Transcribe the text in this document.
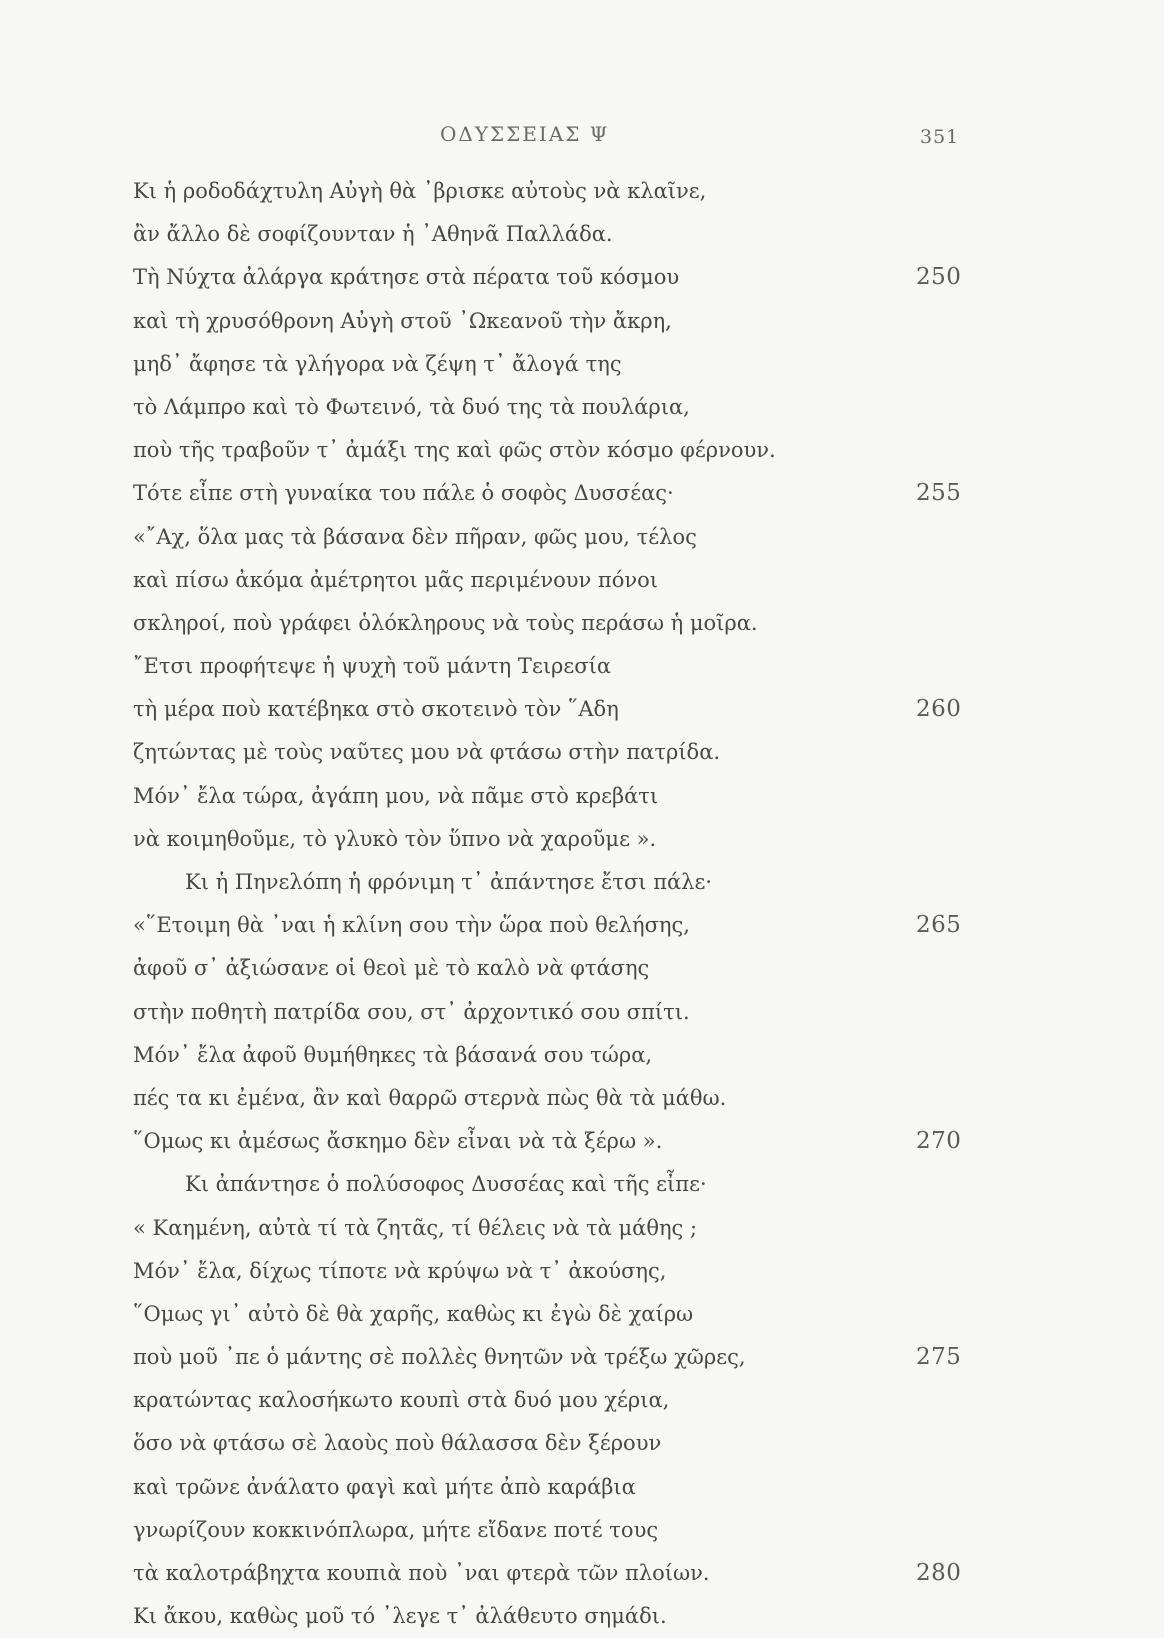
ΟΔΥΣΣΕΙΑΣ Ψ	351
Κι ἡ ροδοδάχτυλη Αὐγὴ θὰ ᾽βρισκε αὐτοὺς νὰ κλαῖνε,
ἂν ἄλλο δὲ σοφίζουνταν ἡ ᾽Αθηνᾶ Παλλάδα.
Τὴ Νύχτα ἀλάργα κράτησε στὰ πέρατα τοῦ κόσμου	250
καὶ τὴ χρυσόθρονη Αὐγὴ στοῦ ᾽Ωκεανοῦ τὴν ἄκρη,
μηδ᾽ ἄφησε τὰ γλήγορα νὰ ζέψη τ᾽ ἄλογά της
τὸ Λάμπρο καὶ τὸ Φωτεινό, τὰ δυό της τὰ πουλάρια,
ποὺ τῆς τραβοῦν τ᾽ ἀμάξι της καὶ φῶς στὸν κόσμο φέρνουν.
Τότε εἶπε στὴ γυναίκα του πάλε ὁ σοφὸς Δυσσέας·	255
«῎Αχ, ὅλα μας τὰ βάσανα δὲν πῆραν, φῶς μου, τέλος
καὶ πίσω ἀκόμα ἀμέτρητοι μᾶς περιμένουν πόνοι
σκληροί, ποὺ γράφει ὁλόκληρους νὰ τοὺς περάσω ἡ μοῖρα.
῎Ετσι προφήτεψε ἡ ψυχὴ τοῦ μάντη Τειρεσία
τὴ μέρα ποὺ κατέβηκα στὸ σκοτεινὸ τὸν ῞Αδη	260
ζητώντας μὲ τοὺς ναῦτες μου νὰ φτάσω στὴν πατρίδα.
Μόν᾽ ἔλα τώρα, ἀγάπη μου, νὰ πᾶμε στὸ κρεβάτι
νὰ κοιμηθοῦμε, τὸ γλυκὸ τὸν ὕπνο νὰ χαροῦμε ».
Κι ἡ Πηνελόπη ἡ φρόνιμη τ᾽ ἀπάντησε ἔτσι πάλε·
«῞Ετοιμη θὰ ᾽ναι ἡ κλίνη σου τὴν ὥρα ποὺ θελήσης,	265
ἀφοῦ σ᾽ ἀξιώσανε οἱ θεοὶ μὲ τὸ καλὸ νὰ φτάσης
στὴν ποθητὴ πατρίδα σου, στ᾽ ἀρχοντικό σου σπίτι.
Μόν᾽ ἔλα ἀφοῦ θυμήθηκες τὰ βάσανά σου τώρα,
πές τα κι ἐμένα, ἂν καὶ θαρρῶ στερνὰ πὼς θὰ τὰ μάθω.
῞Ομως κι ἀμέσως ἄσκημο δὲν εἶναι νὰ τὰ ξέρω ».	270
Κι ἀπάντησε ὁ πολύσοφος Δυσσέας καὶ τῆς εἶπε·
« Καημένη, αὐτὰ τί τὰ ζητᾶς, τί θέλεις νὰ τὰ μάθης ;
Μόν᾽ ἔλα, δίχως τίποτε νὰ κρύψω νὰ τ᾽ ἀκούσης,
῞Ομως γι᾽ αὐτὸ δὲ θὰ χαρῆς, καθὼς κι ἐγὼ δὲ χαίρω
ποὺ μοῦ ᾽πε ὁ μάντης σὲ πολλὲς θνητῶν νὰ τρέξω χῶρες,	275
κρατώντας καλοσήκωτο κουπὶ στὰ δυό μου χέρια,
ὅσο νὰ φτάσω σὲ λαοὺς ποὺ θάλασσα δὲν ξέρουν
καὶ τρῶνε ἀνάλατο φαγὶ καὶ μήτε ἀπὸ καράβια
γνωρίζουν κοκκινόπλωρα, μήτε εἴδανε ποτέ τους
τὰ καλοτράβηχτα κουπιὰ ποὺ ᾽ναι φτερὰ τῶν πλοίων.	280
Κι ἄκου, καθὼς μοῦ τό ᾽λεγε τ᾽ ἀλάθευτο σημάδι.
